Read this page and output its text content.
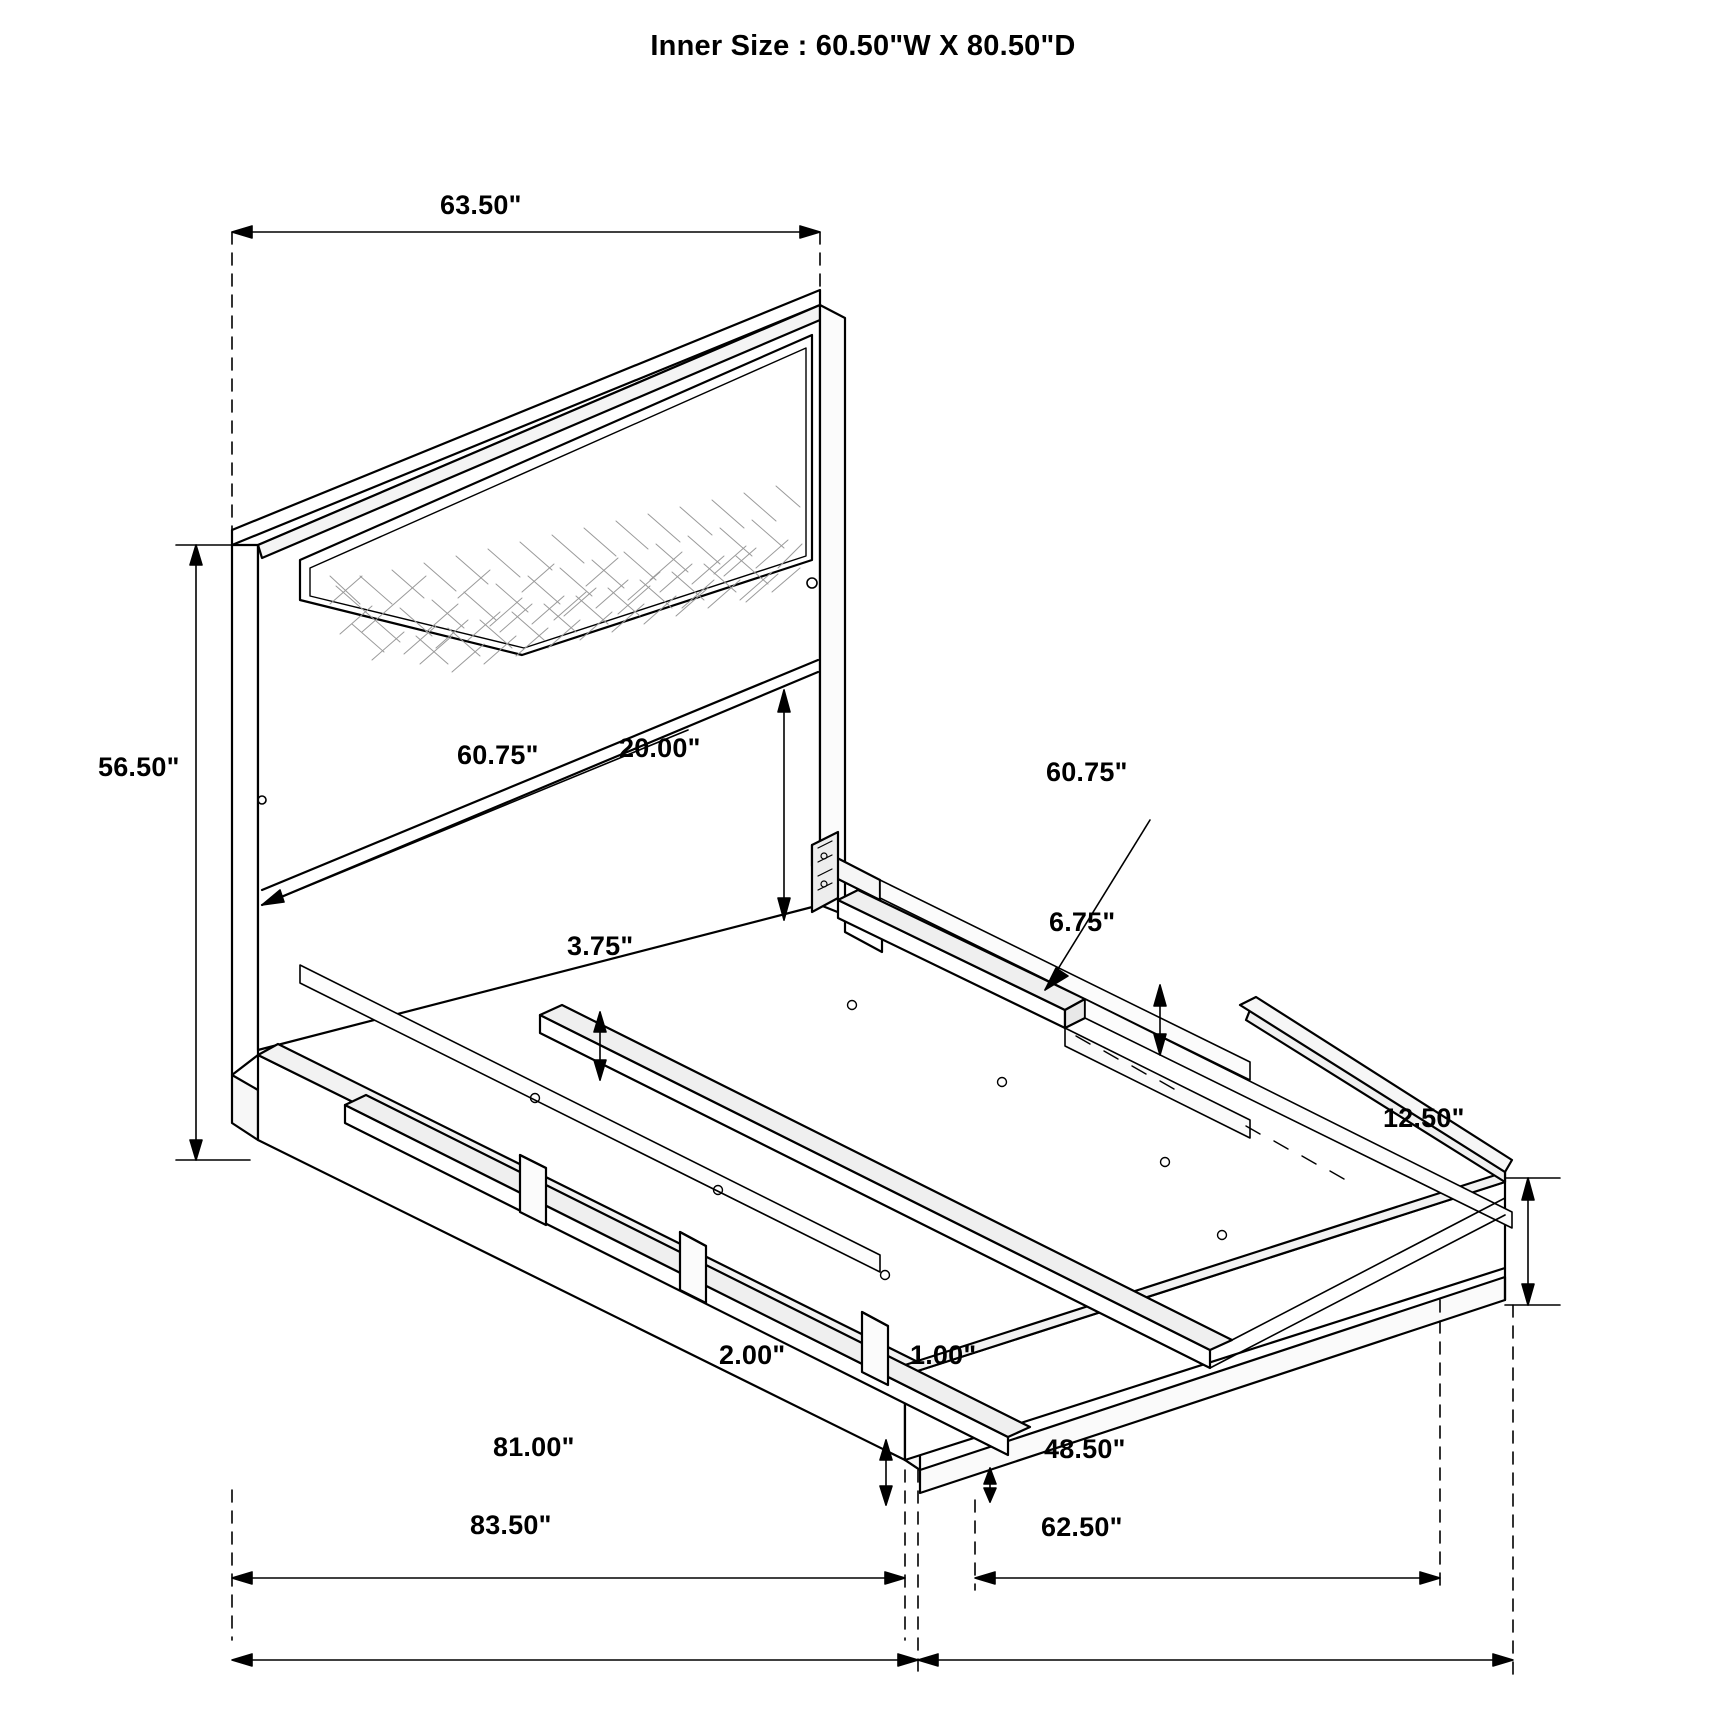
Inner Size : 60.50"W X 80.50"D
63.50"
56.50"	60.75"	20.00"
60.75"
6.75"
3.75"
12.50"
2.00"	1.00"
81.00"	48.50"
83.50"	62.50"
